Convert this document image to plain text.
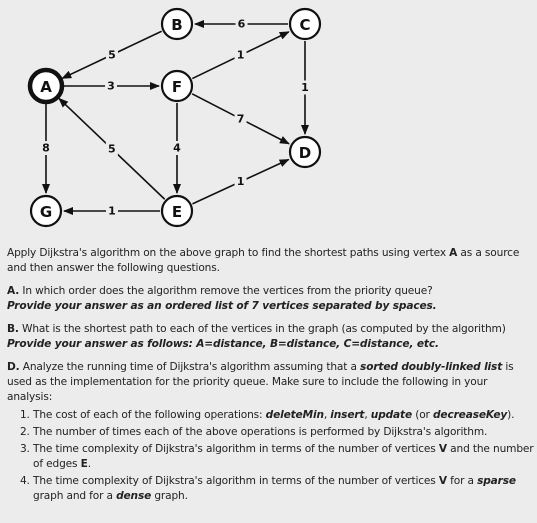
5
6
1
3	1
7
8	5	4
1
1
A
B	C
F
D
G	E

Apply Dijkstra's algorithm on the above graph to find the shortest paths using vertex A as a source and then answer the following questions.

A. In which order does the algorithm remove the vertices from the priority queue?

Provide your answer as an ordered list of 7 vertices separated by spaces.

B. What is the shortest path to each of the vertices in the graph (as computed by the algorithm)

Provide your answer as follows: A=distance, B=distance, C=distance, etc.

D. Analyze the running time of Dijkstra's algorithm assuming that a sorted doubly-linked list is used as the implementation for the priority queue. Make sure to include the following in your analysis:

1. The cost of each of the following operations: deleteMin, insert, update (or decreaseKey).
2. The number of times each of the above operations is performed by Dijkstra's algorithm.
3. The time complexity of Dijkstra's algorithm in terms of the number of vertices V and the number of edges E.
4. The time complexity of Dijkstra's algorithm in terms of the number of vertices V for a sparse graph and for a dense graph.
